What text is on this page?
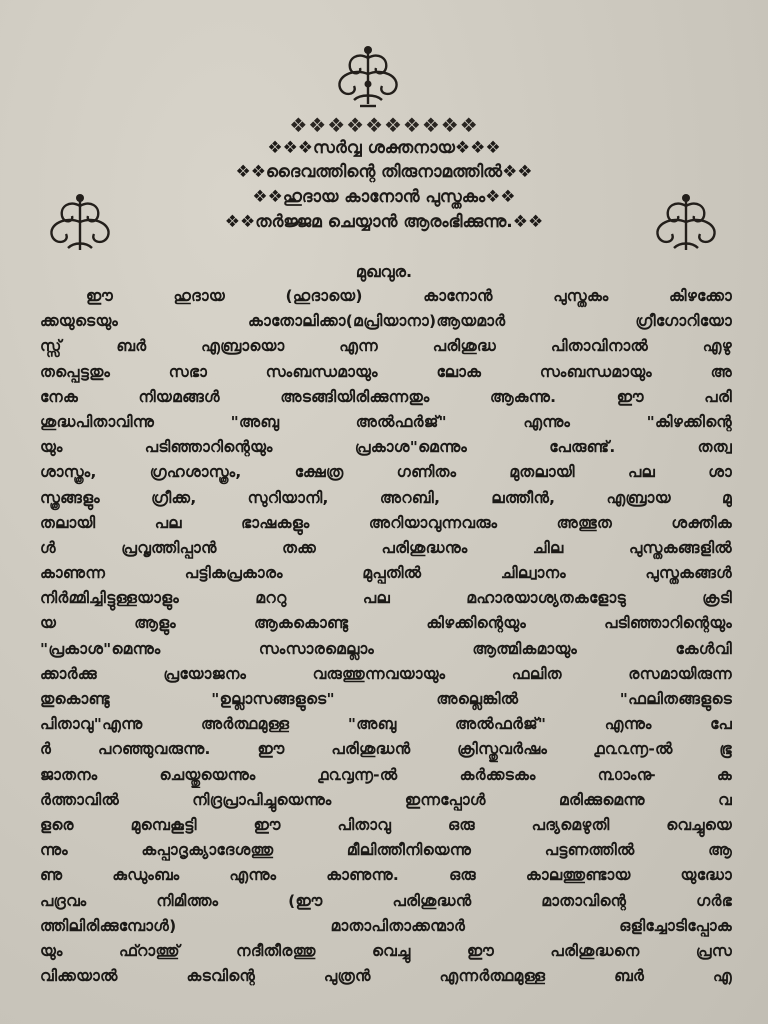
❖❖❖❖❖❖❖❖❖❖
❖❖❖സർവ്വ ശക്തനായ❖❖❖
❖❖ദൈവത്തിന്റെ തിരുനാമത്തിൽ❖❖
❖❖ഹുദായ കാനോൻ പുസ്തകം❖❖
❖❖തർജ്ജമ ചെയ്യാൻ ആരംഭിക്കുന്നു.❖❖
മുഖവുര.
ഈ ഹുദായ (ഹുദായെ) കാനോൻ പുസ്തകം കിഴക്കോ
ക്കയുടെയും കാതോലിക്കാ(മപ്രിയാനാ)ആയമാർ ഗ്രീഗോറിയോ
സ്സ് ബർ എബ്രായൊ എന്ന പരിശുദ്ധ പിതാവിനാൽ എഴു
തപ്പെട്ടതും സഭാ സംബന്ധമായും ലോക സംബന്ധമായും അ
നേക നിയമങ്ങൾ അടങ്ങിയിരിക്കുന്നതും ആകുന്നു. ഈ പരി
ശുദ്ധപിതാവിന്നു "അബു അൽഫർജ്" എന്നും "കിഴക്കിന്റെ
യും പടിഞ്ഞാറിന്റെയും പ്രകാശ"മെന്നും പേരുണ്ട്. തത്വ
ശാസ്ത്രം, ഗ്രഹശാസ്ത്രം, ക്ഷേത്ര ഗണിതം മുതലായി പല ശാ
സ്ത്രങ്ങളും ഗ്രീക്ക, സുറിയാനി, അറബി, ലത്തീൻ, എബ്രായ മു
തലായി പല ഭാഷകളും അറിയാവുന്നവരും അത്ഭുത ശക്തിക
ൾ പ്രവൃത്തിപ്പാൻ തക്ക പരിശുദ്ധനും ചില പുസ്തകങ്ങളിൽ
കാണുന്ന പട്ടികപ്രകാരം മുപ്പതിൽ ചില്വാനം പുസ്തകങ്ങൾ
നിർമ്മിച്ചിട്ടുള്ളയാളും മററു പല മഹാരയാശ്യതകളോടു ക്രടി
യ ആളും ആകകൊണ്ടു കിഴക്കിന്റെയും പടിഞ്ഞാറിന്റെയും
"പ്രകാശ"മെന്നും സംസാരമെല്ലാം ആത്മികമായും കേൾവി
ക്കാർക്കു പ്രയോജനം വരുത്തുന്നവയായും ഫലിത രസമായിരുന്ന
തുകൊണ്ടു "ഉല്ലാസങ്ങളുടെ" അല്ലെങ്കിൽ "ഫലിതങ്ങളുടെ
പിതാവു"എന്നു അർത്ഥമുള്ള "അബു അൽഫർജ്" എന്നും പേ
ർ പറഞ്ഞുവരുന്നു. ഈ പരിശുദ്ധൻ ക്രിസ്തുവർഷം ൧൨൨൬-ൽ ഭൂ
ജാതനം ചെയ്തുയെന്നും ൧൨൮൬-ൽ കർക്കടകം ൩൦ാം൹ ക
ർത്താവിൽ നിദ്രപ്രാപിച്ചുയെന്നും ഇന്നപ്പോൾ മരിക്കുമെന്നു വ
ളരെ മുമ്പെകൂട്ടി ഈ പിതാവു ഒരു പദ്യമെഴുതി വെച്ചുയെ
ന്നും കപ്പാദൃക്യാദേശത്തു മീലിത്തീനിയെന്നു പട്ടണത്തിൽ ആ
ണു കുഡുംബം എന്നും കാണുന്നു. ഒരു കാലത്തുണ്ടായ യുദ്ധോ
പദ്രവം നിമിത്തം (ഈ പരിശുദ്ധൻ മാതാവിന്റെ ഗർഭ
ത്തിലിരിക്കുമ്പോൾ) മാതാപിതാക്കന്മാർ ഒളിച്ചോടിപ്പോക
യും ഫ്റാത്തു് നദീതീരത്തു വെച്ചു ഈ പരിശുദ്ധനെ പ്രസ
വിക്കയാൽ കടവിന്റെ പുത്രൻ എന്നർത്ഥമുള്ള ബർ എ
